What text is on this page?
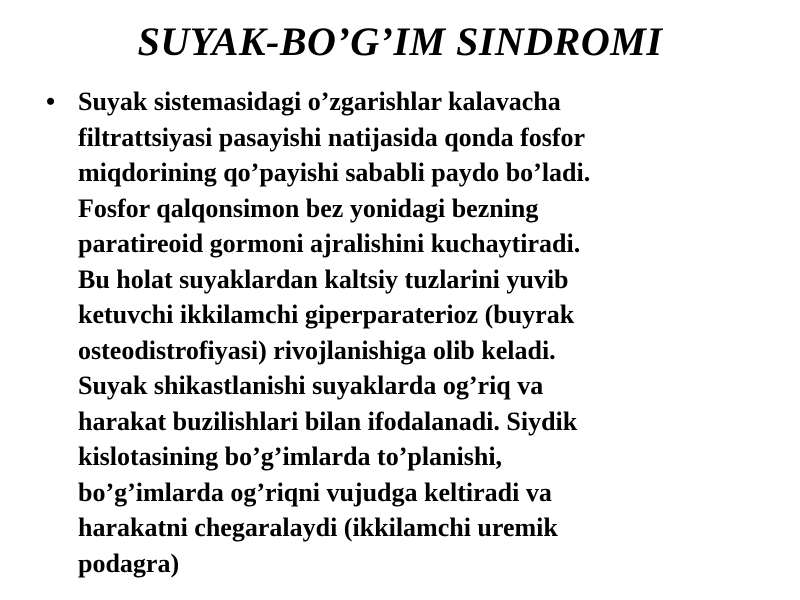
SUYAK-BO’G’IM SINDROMI
• Suyak sistemasidagi o’zgarishlar kalavacha
filtrattsiyasi pasayishi natijasida qonda fosfor
miqdorining qo’payishi sababli paydo bo’ladi.
Fosfor qalqonsimon bez yonidagi bezning
paratireoid gormoni ajralishini kuchaytiradi.
Bu holat suyaklardan kaltsiy tuzlarini yuvib
ketuvchi ikkilamchi giperparaterioz (buyrak
osteodistrofiyasi) rivojlanishiga olib keladi.
Suyak shikastlanishi suyaklarda og’riq va
harakat buzilishlari bilan ifodalanadi. Siydik
kislotasining bo’g’imlarda to’planishi,
bo’g’imlarda og’riqni vujudga keltiradi va
harakatni chegaralaydi (ikkilamchi uremik
podagra)
